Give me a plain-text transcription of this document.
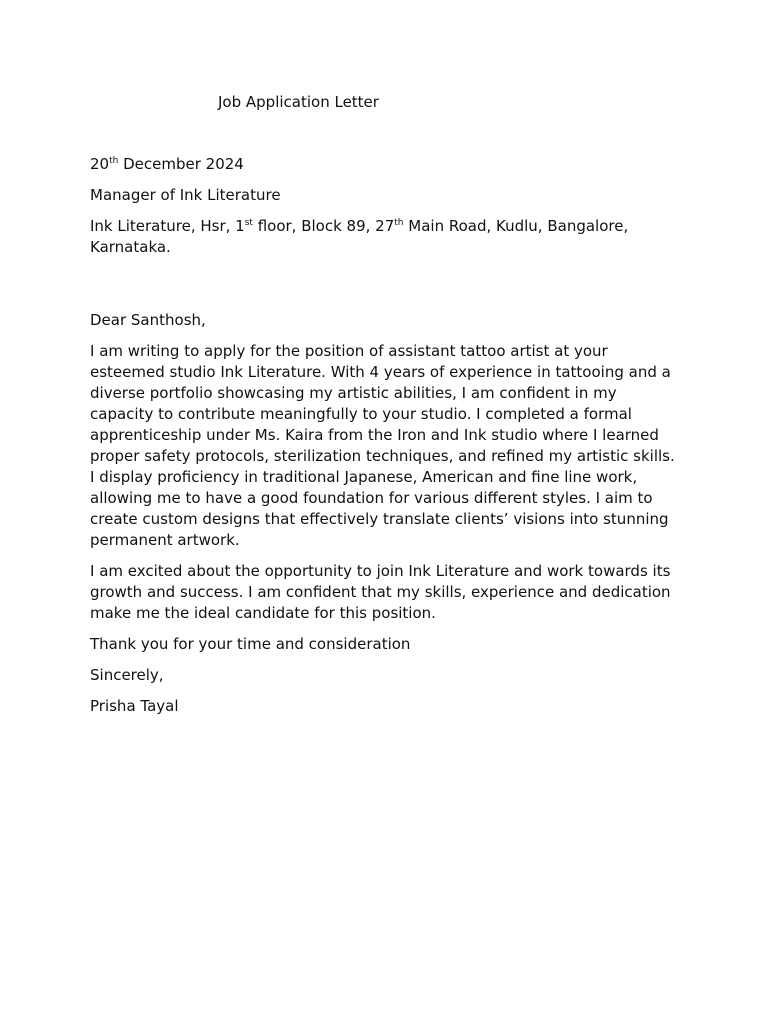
Job Application Letter

20th December 2024

Manager of Ink Literature

Ink Literature, Hsr, 1st floor, Block 89, 27th Main Road, Kudlu, Bangalore,
Karnataka.

Dear Santhosh,

I am writing to apply for the position of assistant tattoo artist at your
esteemed studio Ink Literature. With 4 years of experience in tattooing and a
diverse portfolio showcasing my artistic abilities, I am confident in my
capacity to contribute meaningfully to your studio. I completed a formal
apprenticeship under Ms. Kaira from the Iron and Ink studio where I learned
proper safety protocols, sterilization techniques, and refined my artistic skills.
I display proficiency in traditional Japanese, American and fine line work,
allowing me to have a good foundation for various different styles. I aim to
create custom designs that effectively translate clients’ visions into stunning
permanent artwork.
I am excited about the opportunity to join Ink Literature and work towards its
growth and success. I am confident that my skills, experience and dedication
make me the ideal candidate for this position.

Thank you for your time and consideration

Sincerely,

Prisha Tayal
